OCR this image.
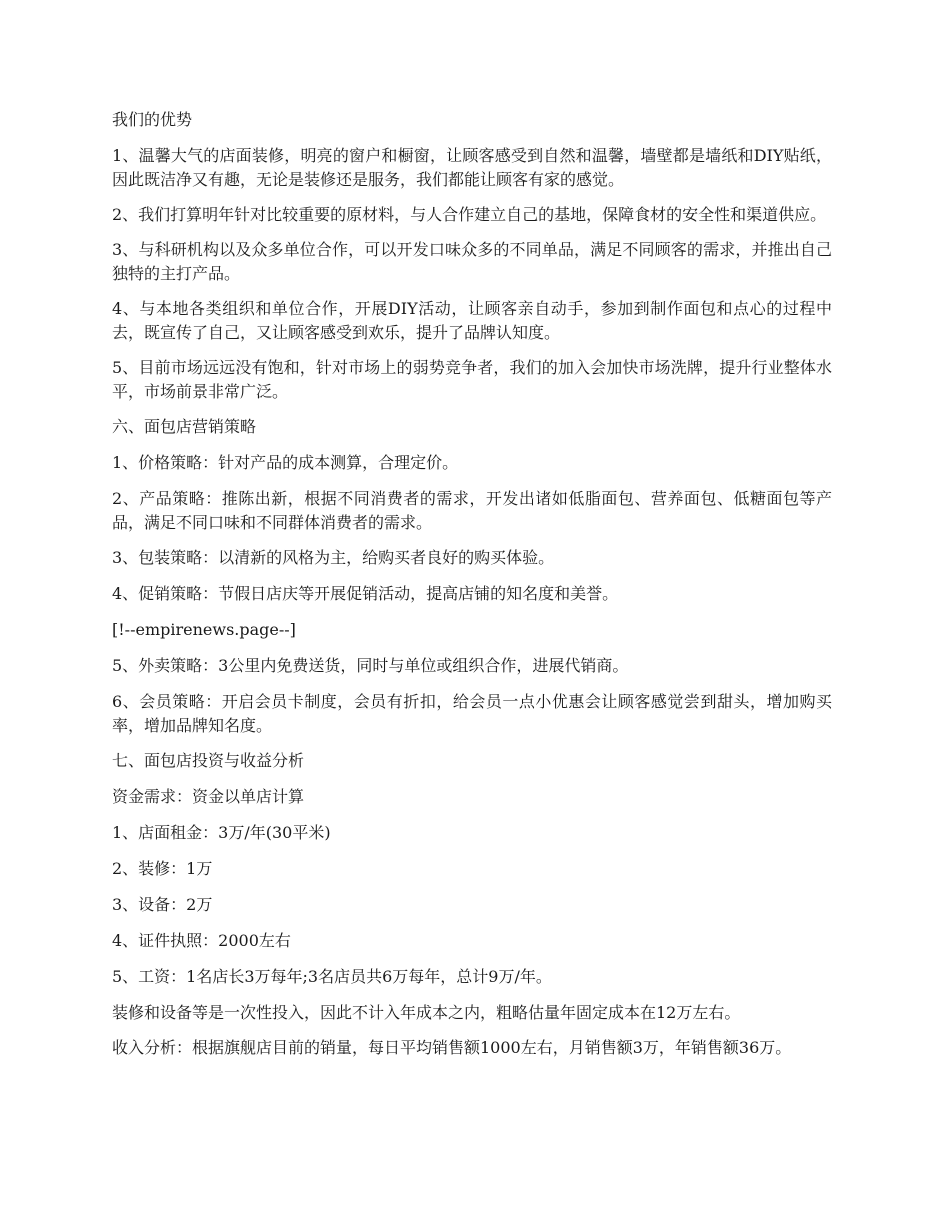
我们的优势

1、温馨大气的店面装修，明亮的窗户和橱窗，让顾客感受到自然和温馨，墙壁都是墙纸和DIY贴纸，因此既洁净又有趣，无论是装修还是服务，我们都能让顾客有家的感觉。

2、我们打算明年针对比较重要的原材料，与人合作建立自己的基地，保障食材的安全性和渠道供应。

3、与科研机构以及众多单位合作，可以开发口味众多的不同单品，满足不同顾客的需求，并推出自己独特的主打产品。

4、与本地各类组织和单位合作，开展DIY活动，让顾客亲自动手，参加到制作面包和点心的过程中去，既宣传了自己，又让顾客感受到欢乐，提升了品牌认知度。

5、目前市场远远没有饱和，针对市场上的弱势竞争者，我们的加入会加快市场洗牌，提升行业整体水平，市场前景非常广泛。

六、面包店营销策略

1、价格策略：针对产品的成本测算，合理定价。

2、产品策略：推陈出新，根据不同消费者的需求，开发出诸如低脂面包、营养面包、低糖面包等产品，满足不同口味和不同群体消费者的需求。

3、包装策略：以清新的风格为主，给购买者良好的购买体验。

4、促销策略：节假日店庆等开展促销活动，提高店铺的知名度和美誉。

[!--empirenews.page--]

5、外卖策略：3公里内免费送货，同时与单位或组织合作，进展代销商。

6、会员策略：开启会员卡制度，会员有折扣，给会员一点小优惠会让顾客感觉尝到甜头，增加购买率，增加品牌知名度。

七、面包店投资与收益分析

资金需求：资金以单店计算

1、店面租金：3万/年(30平米)

2、装修：1万

3、设备：2万

4、证件执照：2000左右

5、工资：1名店长3万每年;3名店员共6万每年，总计9万/年。

装修和设备等是一次性投入，因此不计入年成本之内，粗略估量年固定成本在12万左右。

收入分析：根据旗舰店目前的销量，每日平均销售额1000左右，月销售额3万，年销售额36万。
